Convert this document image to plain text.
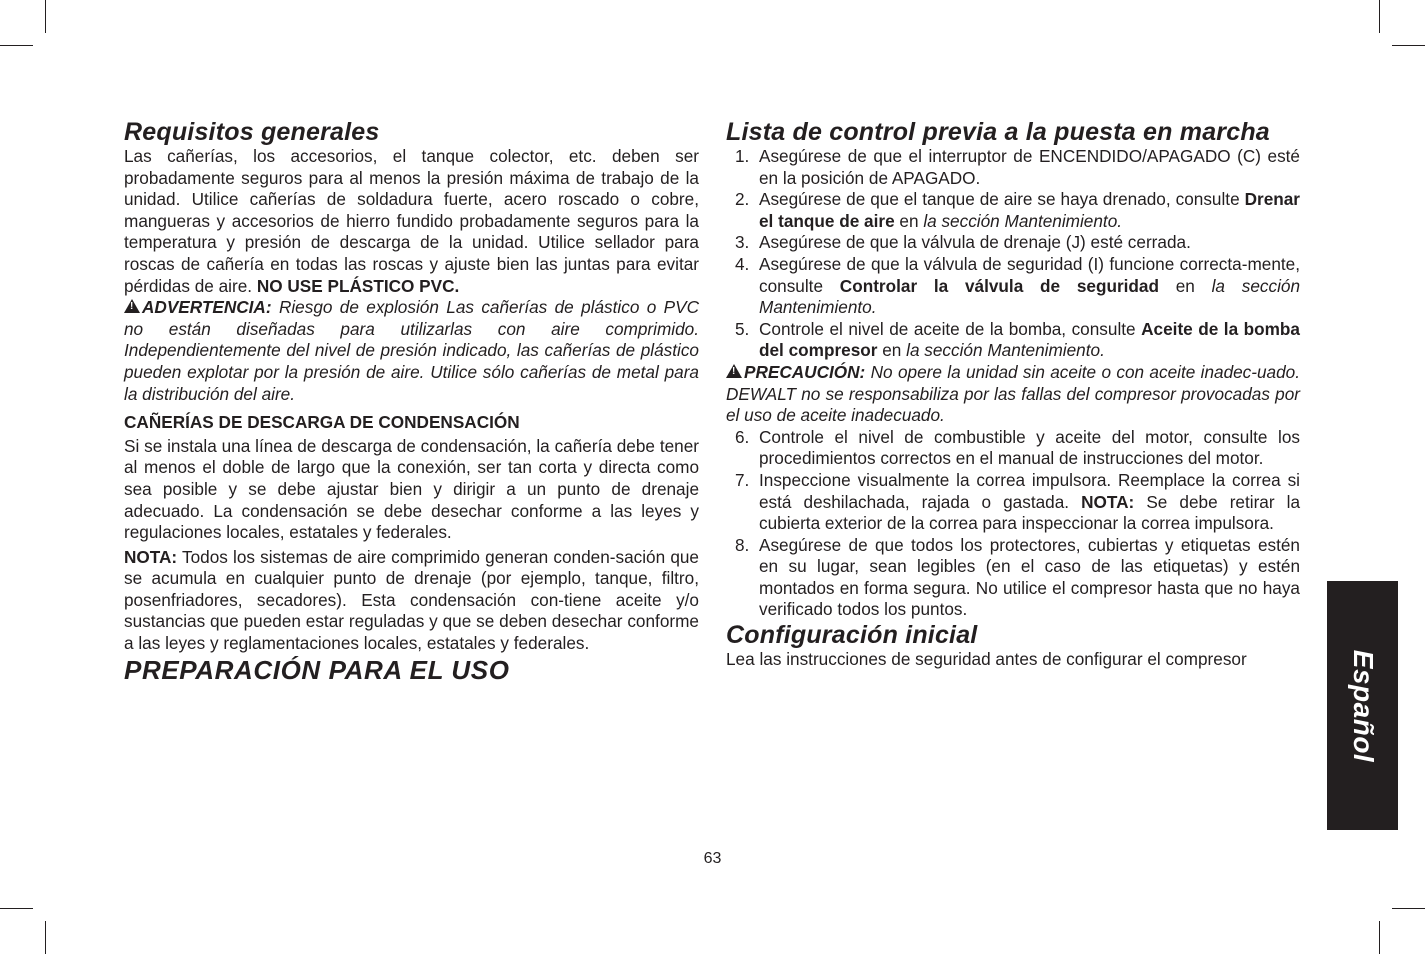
Requisitos generales

Las cañerías, los accesorios, el tanque colector, etc. deben ser probadamente seguros para al menos la presión máxima de trabajo de la unidad. Utilice cañerías de soldadura fuerte, acero roscado o cobre, mangueras y accesorios de hierro fundido probadamente seguros para la temperatura y presión de descarga de la unidad. Utilice sellador para roscas de cañería en todas las roscas y ajuste bien las juntas para evitar pérdidas de aire. NO USE PLÁSTICO PVC.

!ADVERTENCIA: Riesgo de explosión Las cañerías de plástico o PVC no están diseñadas para utilizarlas con aire comprimido. Independientemente del nivel de presión indicado, las cañerías de plástico pueden explotar por la presión de aire. Utilice sólo cañerías de metal para la distribución del aire.

CAÑERÍAS DE DESCARGA DE CONDENSACIÓN

Si se instala una línea de descarga de condensación, la cañería debe tener al menos el doble de largo que la conexión, ser tan corta y directa como sea posible y se debe ajustar bien y dirigir a un punto de drenaje adecuado. La condensación se debe desechar conforme a las leyes y regulaciones locales, estatales y federales.

NOTA: Todos los sistemas de aire comprimido generan conden-sación que se acumula en cualquier punto de drenaje (por ejemplo, tanque, filtro, posenfriadores, secadores). Esta condensación con-tiene aceite y/o sustancias que pueden estar reguladas y que se deben desechar conforme a las leyes y reglamentaciones locales, estatales y federales.

PREPARACIÓN PARA EL USO
Lista de control previa a la puesta en marcha
1. Asegúrese de que el interruptor de ENCENDIDO/APAGADO (C) esté en la posición de APAGADO.
2. Asegúrese de que el tanque de aire se haya drenado, consulte Drenar el tanque de aire en la sección Mantenimiento.
3. Asegúrese de que la válvula de drenaje (J) esté cerrada.
4. Asegúrese de que la válvula de seguridad (I) funcione correcta-mente, consulte Controlar la válvula de seguridad en la sección Mantenimiento.
5. Controle el nivel de aceite de la bomba, consulte Aceite de la bomba del compresor en la sección Mantenimiento.

!PRECAUCIÓN: No opere la unidad sin aceite o con aceite inadec-uado. DEWALT no se responsabiliza por las fallas del compresor provocadas por el uso de aceite inadecuado.

6. Controle el nivel de combustible y aceite del motor, consulte los procedimientos correctos en el manual de instrucciones del motor.
7. Inspeccione visualmente la correa impulsora. Reemplace la correa si está deshilachada, rajada o gastada. NOTA: Se debe retirar la cubierta exterior de la correa para inspeccionar la correa impulsora.
8. Asegúrese de que todos los protectores, cubiertas y etiquetas estén en su lugar, sean legibles (en el caso de las etiquetas) y estén montados en forma segura. No utilice el compresor hasta que no haya verificado todos los puntos.
Configuración inicial

Lea las instrucciones de seguridad antes de configurar el compresor	Español
63
